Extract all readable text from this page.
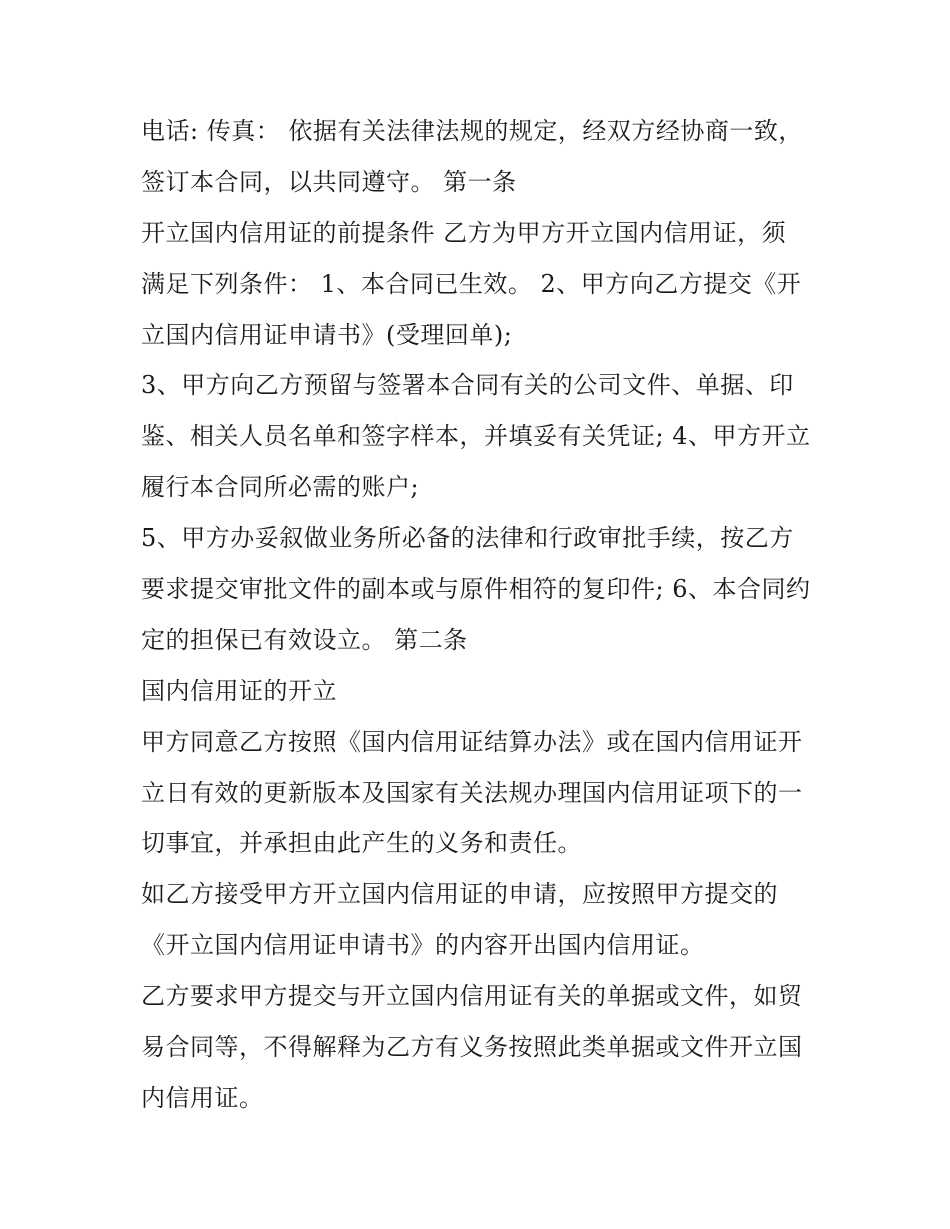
电话: 传真： 依据有关法律法规的规定，经双方经协商一致，
签订本合同，以共同遵守。 第一条
开立国内信用证的前提条件 乙方为甲方开立国内信用证，须
满足下列条件： 1、本合同已生效。 2、甲方向乙方提交《开
立国内信用证申请书》(受理回单);
3、甲方向乙方预留与签署本合同有关的公司文件、单据、印
鉴、相关人员名单和签字样本，并填妥有关凭证; 4、甲方开立
履行本合同所必需的账户;
5、甲方办妥叙做业务所必备的法律和行政审批手续，按乙方
要求提交审批文件的副本或与原件相符的复印件; 6、本合同约
定的担保已有效设立。 第二条
国内信用证的开立
甲方同意乙方按照《国内信用证结算办法》或在国内信用证开
立日有效的更新版本及国家有关法规办理国内信用证项下的一
切事宜，并承担由此产生的义务和责任。
如乙方接受甲方开立国内信用证的申请，应按照甲方提交的
《开立国内信用证申请书》的内容开出国内信用证。
乙方要求甲方提交与开立国内信用证有关的单据或文件，如贸
易合同等，不得解释为乙方有义务按照此类单据或文件开立国
内信用证。
